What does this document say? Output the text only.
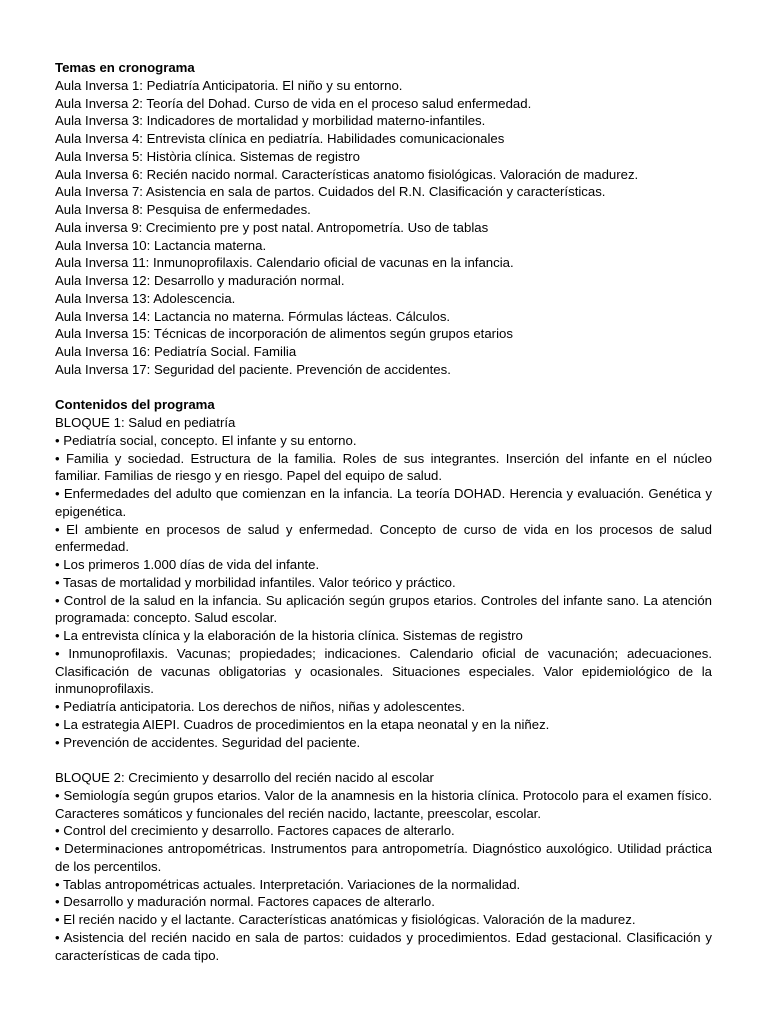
Temas en cronograma
Aula Inversa 1: Pediatría Anticipatoria. El niño y su entorno.
Aula Inversa 2: Teoría del Dohad. Curso de vida en el proceso salud enfermedad.
Aula Inversa 3: Indicadores de mortalidad y morbilidad materno-infantiles.
Aula Inversa 4: Entrevista clínica en pediatría. Habilidades comunicacionales
Aula Inversa 5: Història clínica. Sistemas de registro
Aula Inversa 6: Recién nacido normal. Características anatomo fisiológicas. Valoración de madurez.
Aula Inversa 7: Asistencia en sala de partos. Cuidados del R.N. Clasificación y características.
Aula Inversa 8: Pesquisa de enfermedades.
Aula inversa 9: Crecimiento pre y post natal. Antropometría. Uso de tablas
Aula Inversa 10: Lactancia materna.
Aula Inversa 11: Inmunoprofilaxis. Calendario oficial de vacunas en la infancia.
Aula Inversa 12: Desarrollo y maduración normal.
Aula Inversa 13: Adolescencia.
Aula Inversa 14: Lactancia no materna. Fórmulas lácteas. Cálculos.
Aula Inversa 15: Técnicas de incorporación de alimentos según grupos etarios
Aula Inversa 16: Pediatría Social. Familia
Aula Inversa 17: Seguridad del paciente. Prevención de accidentes.
Contenidos del programa
BLOQUE 1: Salud en pediatría
• Pediatría social, concepto. El infante y su entorno.
• Familia y sociedad. Estructura de la familia. Roles de sus integrantes. Inserción del infante en el núcleo familiar. Familias de riesgo y en riesgo. Papel del equipo de salud.
• Enfermedades del adulto que comienzan en la infancia. La teoría DOHAD. Herencia y evaluación. Genética y epigenética.
• El ambiente en procesos de salud y enfermedad. Concepto de curso de vida en los procesos de salud enfermedad.
• Los primeros 1.000 días de vida del infante.
• Tasas de mortalidad y morbilidad infantiles. Valor teórico y práctico.
• Control de la salud en la infancia. Su aplicación según grupos etarios. Controles del infante sano. La atención programada: concepto. Salud escolar.
• La entrevista clínica y la elaboración de la historia clínica. Sistemas de registro
• Inmunoprofilaxis. Vacunas; propiedades; indicaciones. Calendario oficial de vacunación; adecuaciones. Clasificación de vacunas obligatorias y ocasionales. Situaciones especiales. Valor epidemiológico de la inmunoprofilaxis.
• Pediatría anticipatoria. Los derechos de niños, niñas y adolescentes.
• La estrategia AIEPI. Cuadros de procedimientos en la etapa neonatal y en la niñez.
• Prevención de accidentes. Seguridad del paciente.
BLOQUE 2: Crecimiento y desarrollo del recién nacido al escolar
• Semiología según grupos etarios. Valor de la anamnesis en la historia clínica. Protocolo para el examen físico. Caracteres somáticos y funcionales del recién nacido, lactante, preescolar, escolar.
• Control del crecimiento y desarrollo. Factores capaces de alterarlo.
• Determinaciones antropométricas. Instrumentos para antropometría. Diagnóstico auxológico. Utilidad práctica de los percentilos.
• Tablas antropométricas actuales. Interpretación. Variaciones de la normalidad.
• Desarrollo y maduración normal. Factores capaces de alterarlo.
• El recién nacido y el lactante. Características anatómicas y fisiológicas. Valoración de la madurez.
• Asistencia del recién nacido en sala de partos: cuidados y procedimientos. Edad gestacional. Clasificación y características de cada tipo.
